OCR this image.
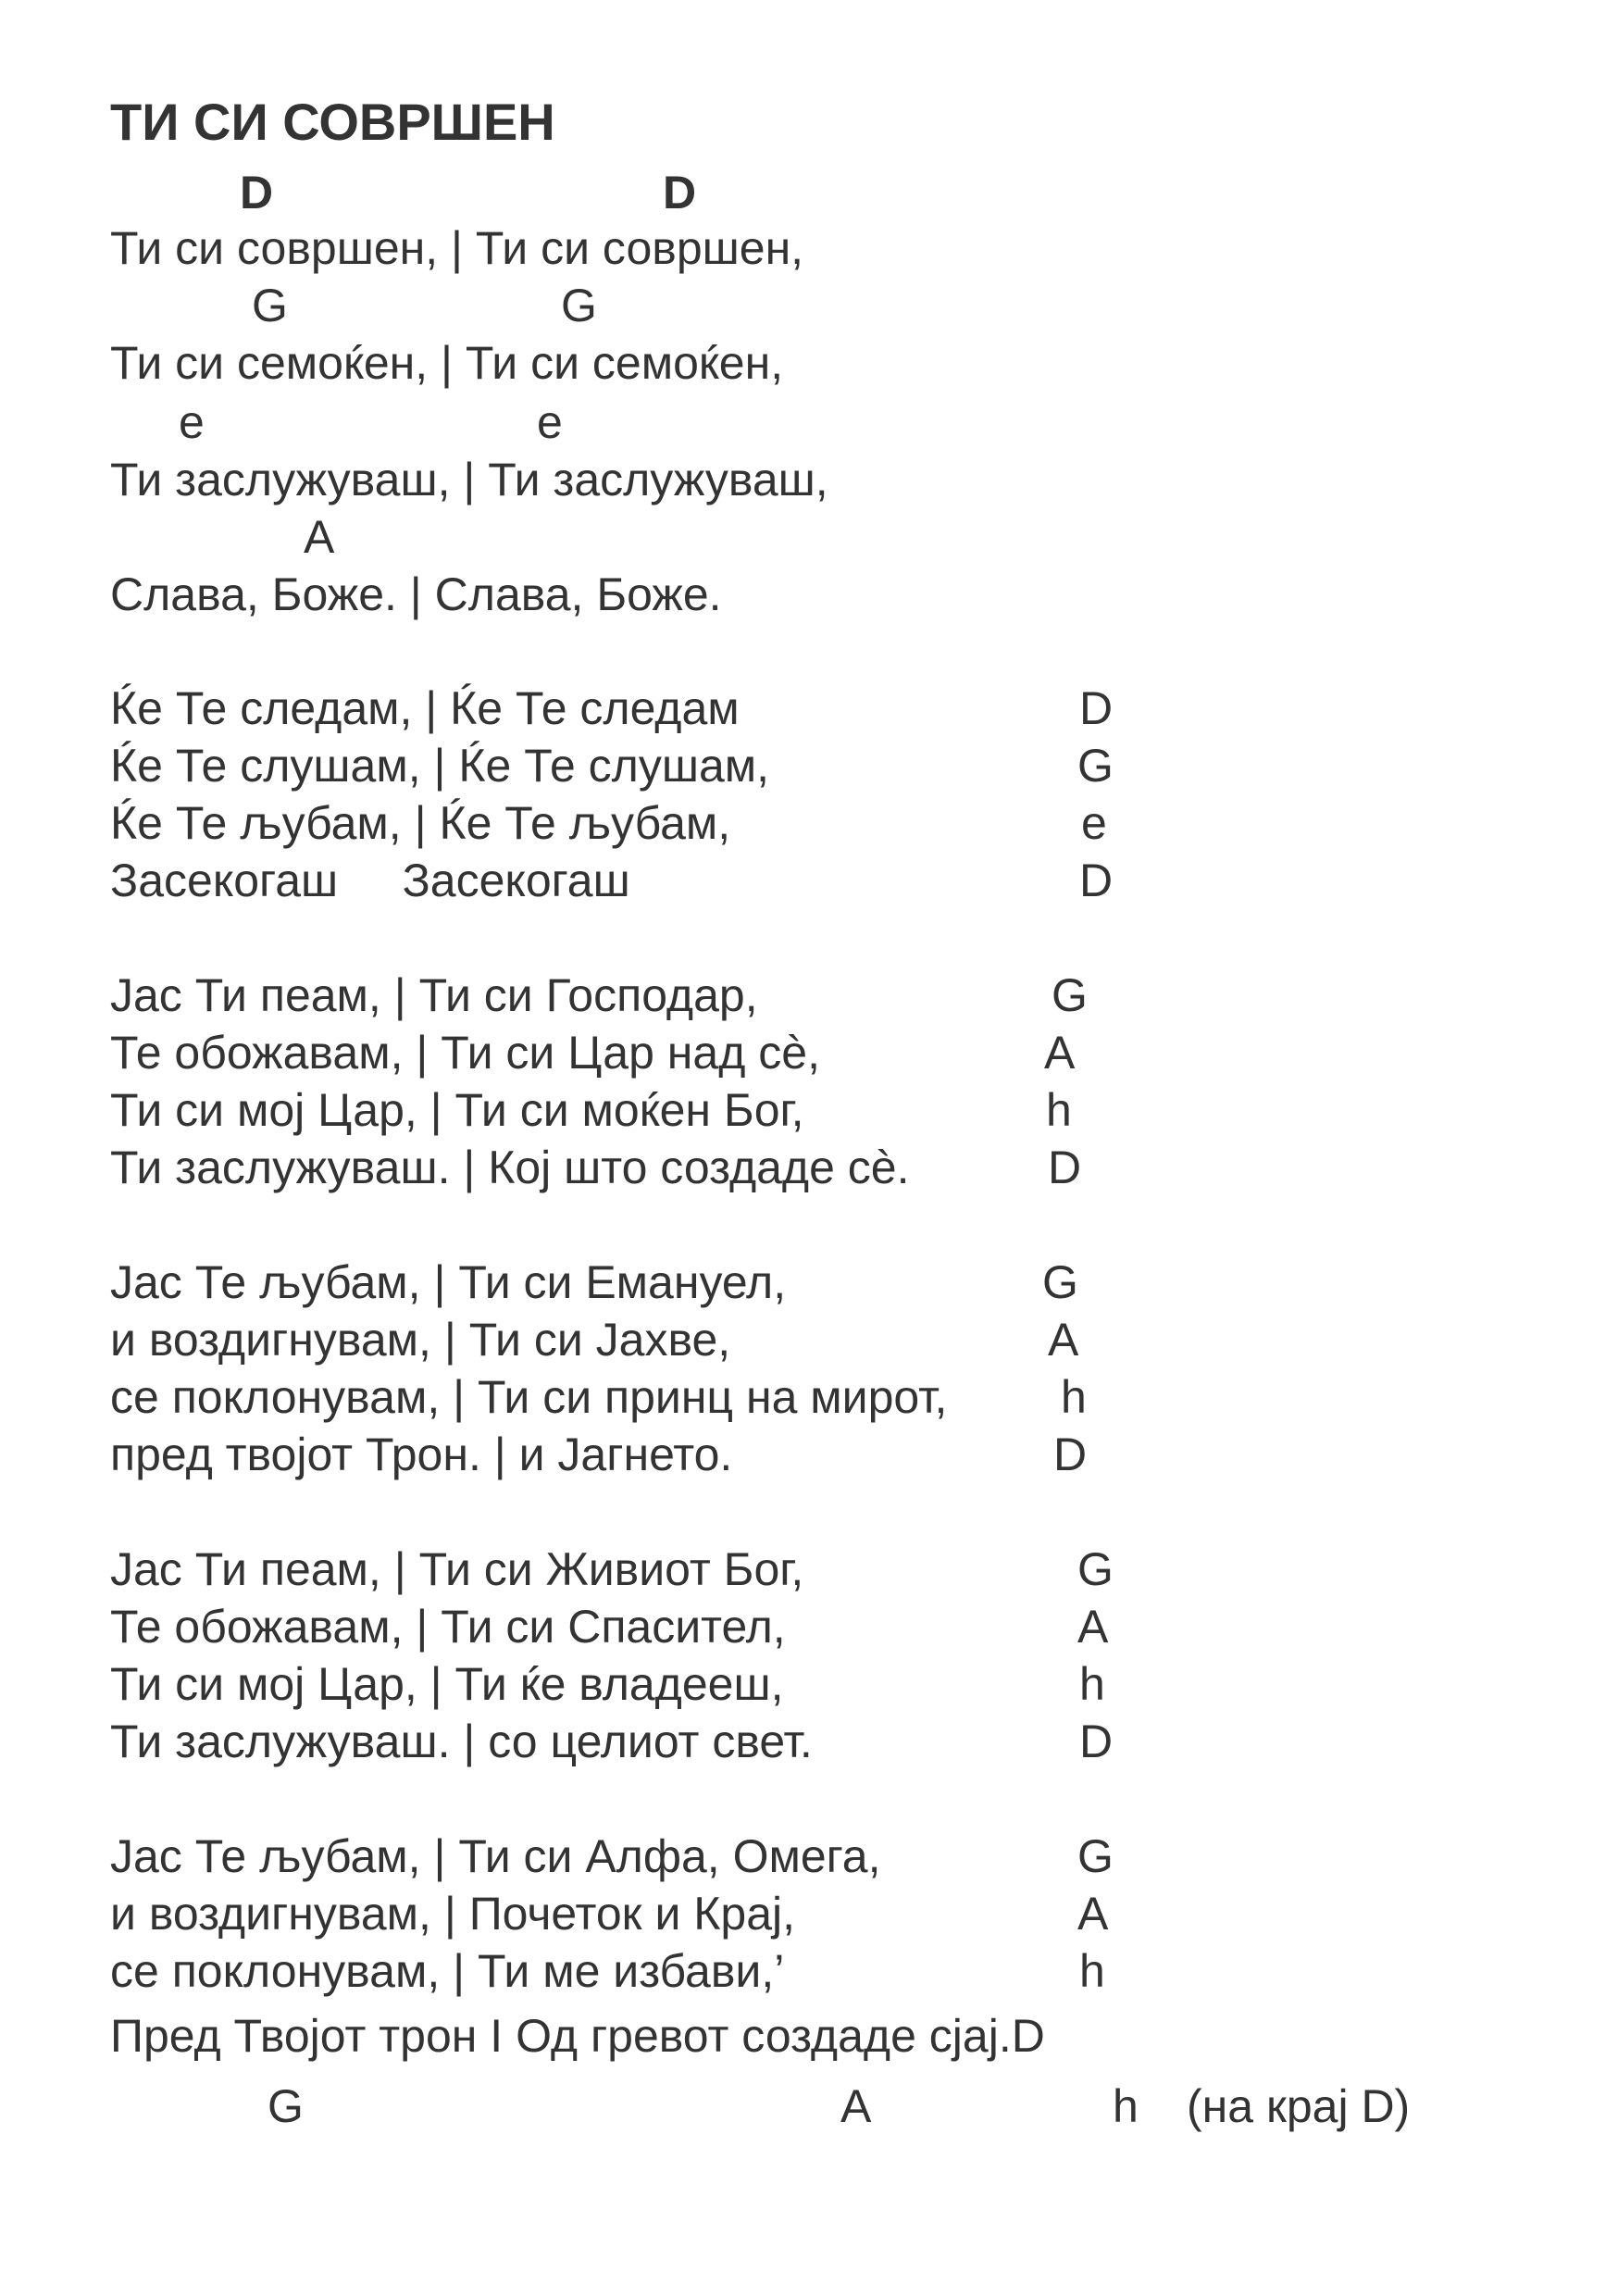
ТИ СИ СОВРШЕН
D	D
Ти си совршен, | Ти си совршен,
G	G
Ти си семоќен, | Ти си семоќен,
e	e
Ти заслужуваш, | Ти заслужуваш,
A
Слава, Боже. | Слава, Боже.
Ќе Те следам, | Ќе Те следам	D
Ќе Те слушам, | Ќе Те слушам,	G
Ќе Те љубам, | Ќе Те љубам,	e
Засекогаш     Засекогаш	D
Јас Ти пеам, | Ти си Господар,	G
Те обожавам, | Ти си Цар над сè,	A
Ти си мој Цар, | Ти си моќен Бог,	h
Ти заслужуваш. | Кој што создаде сè.	D
Јас Те љубам, | Ти си Емануел,	G
и воздигнувам, | Ти си Јахве,	A
се поклонувам, | Ти си принц на мирот, h
пред твојот Трон. | и Јагнето.	D
Јас Ти пеам, | Ти си Живиот Бог,	G
Те обожавам, | Ти си Спасител,	A
Ти си мој Цар, | Ти ќе владееш,	h
Ти заслужуваш. | со целиот свет.	D
Јас Те љубам, | Ти си Алфа, Омега,	G
и воздигнувам, | Почеток и Крај,	A
се поклонувам, | Ти ме избави,’	h
Пред Твојот трон I Од гревот создаде сјај.D
G	A	h (на крај D)
